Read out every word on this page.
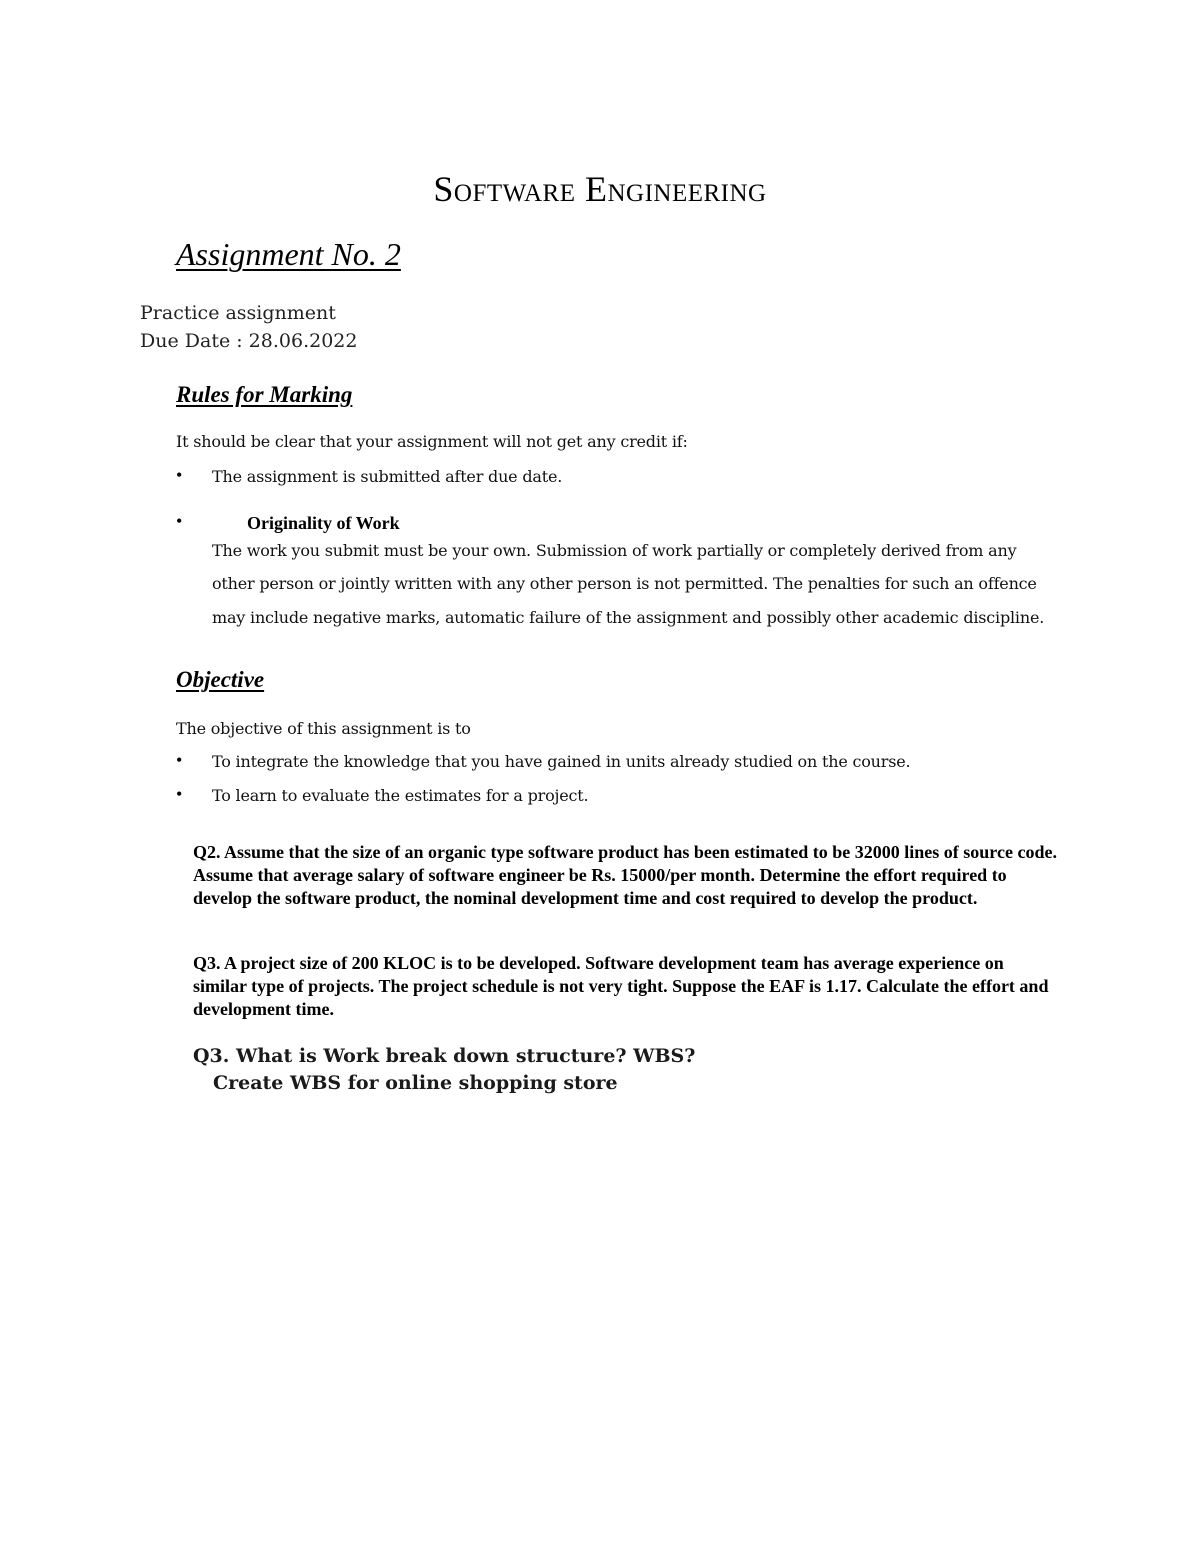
Software Engineering
Assignment No. 2
Practice assignment
Due Date : 28.06.2022
Rules for Marking
It should be clear that your assignment will not get any credit if:
• The assignment is submitted after due date.
•	Originality of Work
The work you submit must be your own. Submission of work partially or completely derived from any
other person or jointly written with any other person is not permitted. The penalties for such an offence
may include negative marks, automatic failure of the assignment and possibly other academic discipline.
Objective
The objective of this assignment is to
• To integrate the knowledge that you have gained in units already studied on the course.
• To learn to evaluate the estimates for a project.
Q2. Assume that the size of an organic type software product has been estimated to be 32000 lines of source code. Assume that average salary of software engineer be Rs. 15000/per month. Determine the effort required to develop the software product, the nominal development time and cost required to develop the product.
Q3. A project size of 200 KLOC is to be developed. Software development team has average experience on similar type of projects. The project schedule is not very tight. Suppose the EAF is 1.17. Calculate the effort and development time.
Q3. What is Work break down structure? WBS?
Create WBS for online shopping store
